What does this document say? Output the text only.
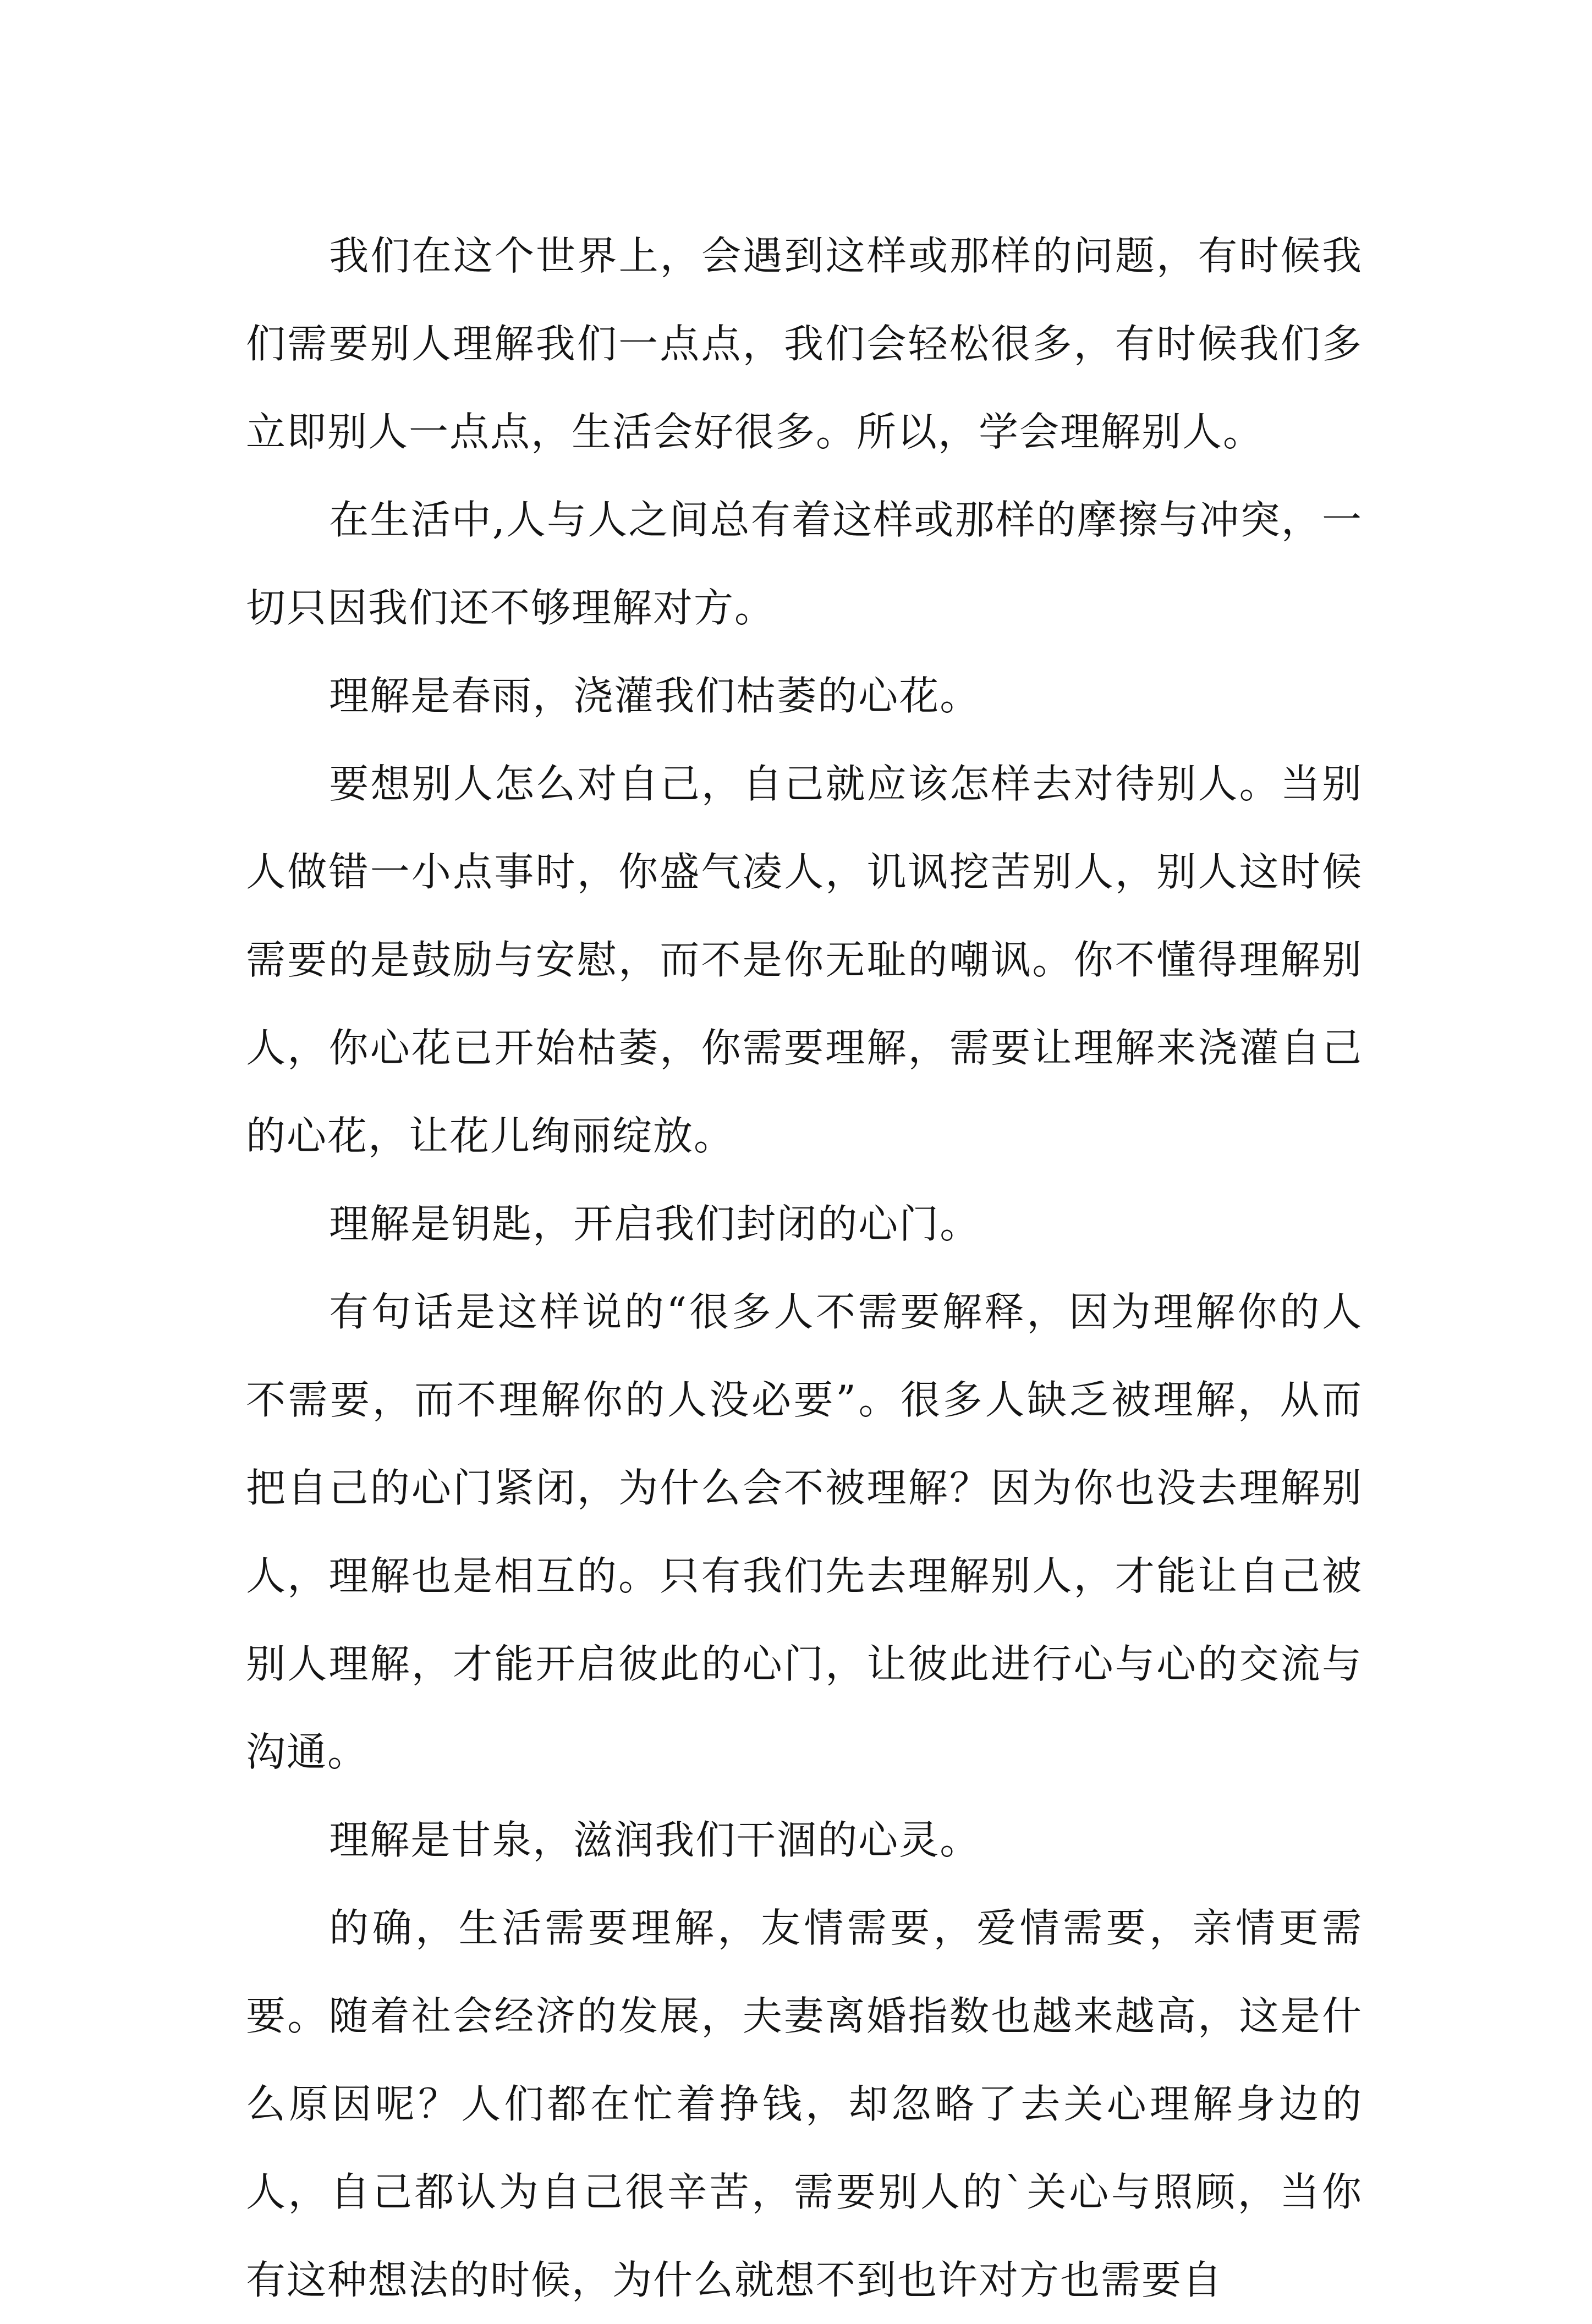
我们在这个世界上，会遇到这样或那样的问题，有时候我们需要别人理解我们一点点，我们会轻松很多，有时候我们多立即别人一点点，生活会好很多。所以，学会理解别人。

在生活中,人与人之间总有着这样或那样的摩擦与冲突，一切只因我们还不够理解对方。

理解是春雨，浇灌我们枯萎的心花。

要想别人怎么对自己，自己就应该怎样去对待别人。当别人做错一小点事时，你盛气凌人，讥讽挖苦别人，别人这时候需要的是鼓励与安慰，而不是你无耻的嘲讽。你不懂得理解别人，你心花已开始枯萎，你需要理解，需要让理解来浇灌自己的心花，让花儿绚丽绽放。

理解是钥匙，开启我们封闭的心门。

有句话是这样说的“很多人不需要解释，因为理解你的人不需要，而不理解你的人没必要”。很多人缺乏被理解，从而把自己的心门紧闭，为什么会不被理解？因为你也没去理解别人，理解也是相互的。只有我们先去理解别人，才能让自己被别人理解，才能开启彼此的心门，让彼此进行心与心的交流与沟通。

理解是甘泉，滋润我们干涸的心灵。

的确，生活需要理解，友情需要，爱情需要，亲情更需要。随着社会经济的发展，夫妻离婚指数也越来越高，这是什么原因呢？人们都在忙着挣钱，却忽略了去关心理解身边的人，自己都认为自己很辛苦，需要别人的`关心与照顾，当你有这种想法的时候，为什么就想不到也许对方也需要自
